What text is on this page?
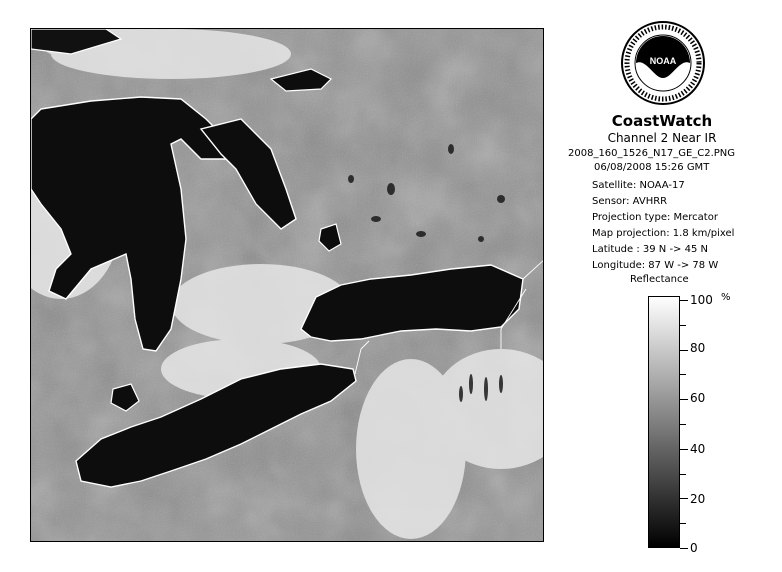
NOAA
CoastWatch
Channel 2 Near IR
2008_160_1526_N17_GE_C2.PNG
06/08/2008 15:26 GMT
Satellite: NOAA-17
Sensor: AVHRR
Projection type: Mercator
Map projection: 1.8 km/pixel
Latitude : 39 N -> 45 N
Longitude: 87 W -> 78 W
Reflectance
%
100
80
60
40
20
0
